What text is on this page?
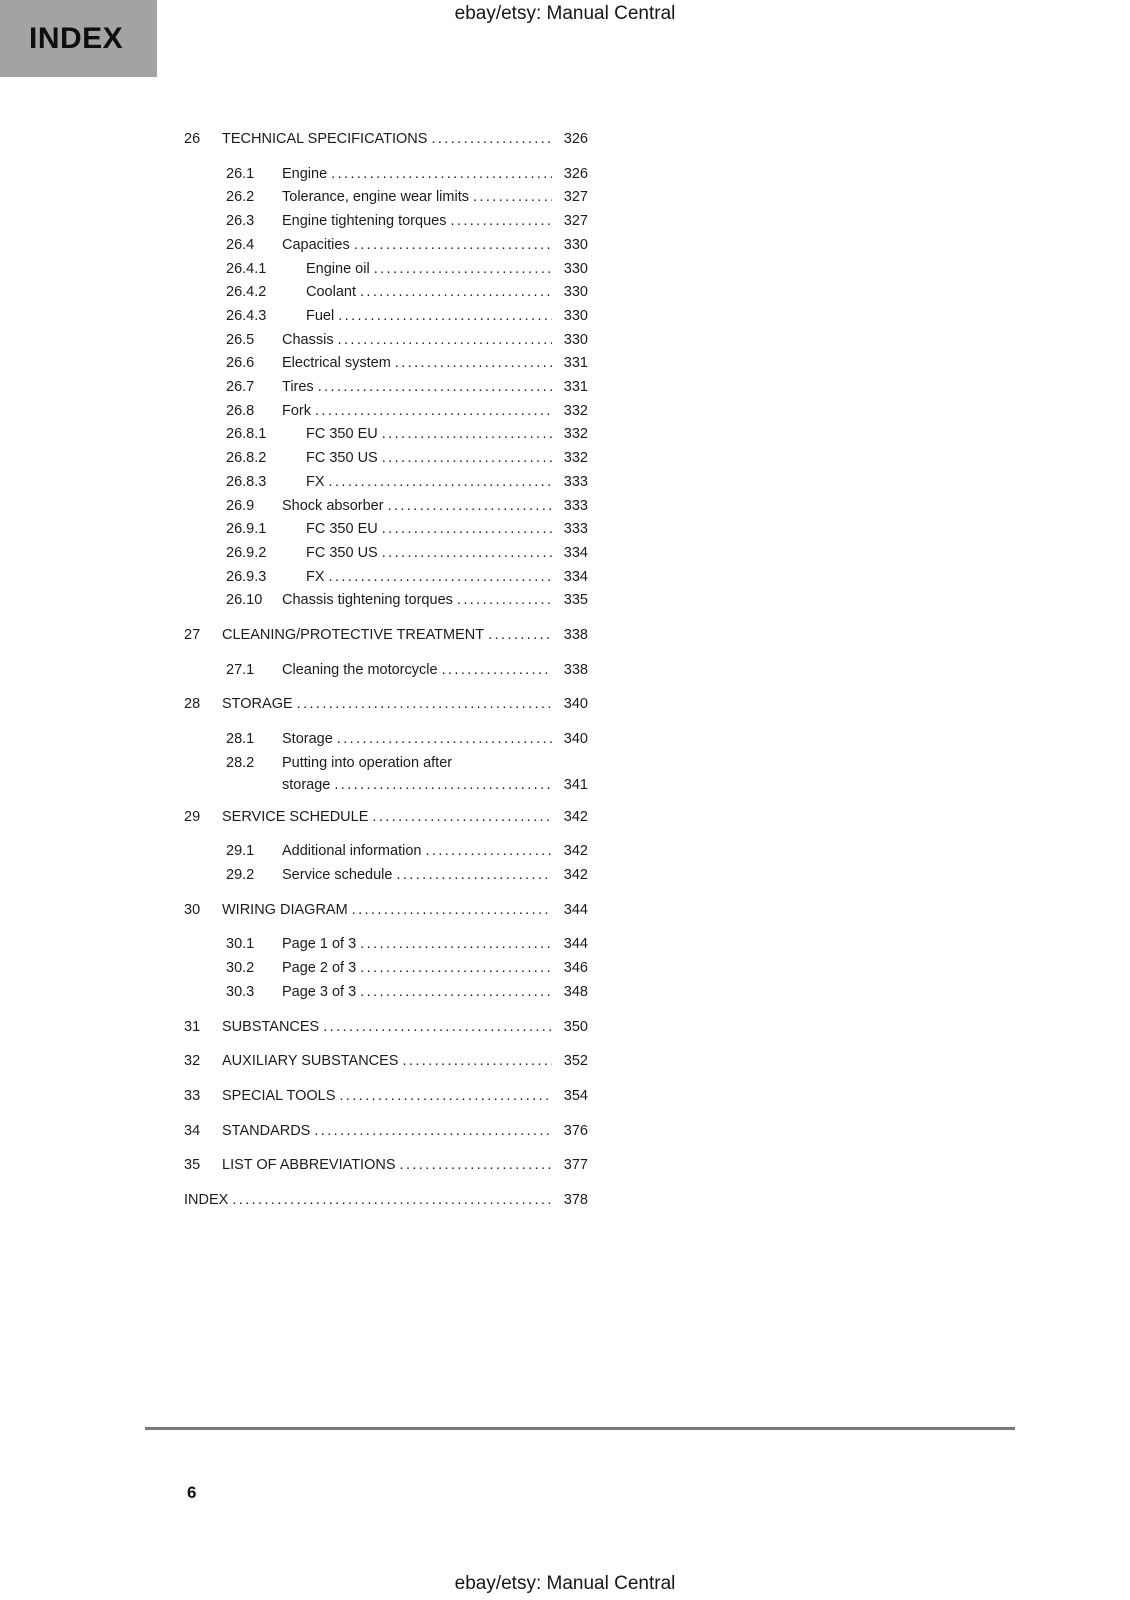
ebay/etsy: Manual Central
INDEX
26	TECHNICAL SPECIFICATIONS .....	326
26.1	Engine .....	326
26.2	Tolerance, engine wear limits .....	327
26.3	Engine tightening torques .....	327
26.4	Capacities .....	330
26.4.1	Engine oil .....	330
26.4.2	Coolant .....	330
26.4.3	Fuel .....	330
26.5	Chassis .....	330
26.6	Electrical system .....	331
26.7	Tires .....	331
26.8	Fork .....	332
26.8.1	FC 350 EU .....	332
26.8.2	FC 350 US .....	332
26.8.3	FX .....	333
26.9	Shock absorber .....	333
26.9.1	FC 350 EU .....	333
26.9.2	FC 350 US .....	334
26.9.3	FX .....	334
26.10	Chassis tightening torques .....	335
27	CLEANING/PROTECTIVE TREATMENT .....	338
27.1	Cleaning the motorcycle .....	338
28	STORAGE .....	340
28.1	Storage .....	340
28.2	Putting into operation after
storage .....	341
29	SERVICE SCHEDULE .....	342
29.1	Additional information .....	342
29.2	Service schedule .....	342
30	WIRING DIAGRAM .....	344
30.1	Page 1 of 3 .....	344
30.2	Page 2 of 3 .....	346
30.3	Page 3 of 3 .....	348
31	SUBSTANCES .....	350
32	AUXILIARY SUBSTANCES .....	352
33	SPECIAL TOOLS .....	354
34	STANDARDS .....	376
35	LIST OF ABBREVIATIONS .....	377
INDEX .....	378
6
ebay/etsy: Manual Central
